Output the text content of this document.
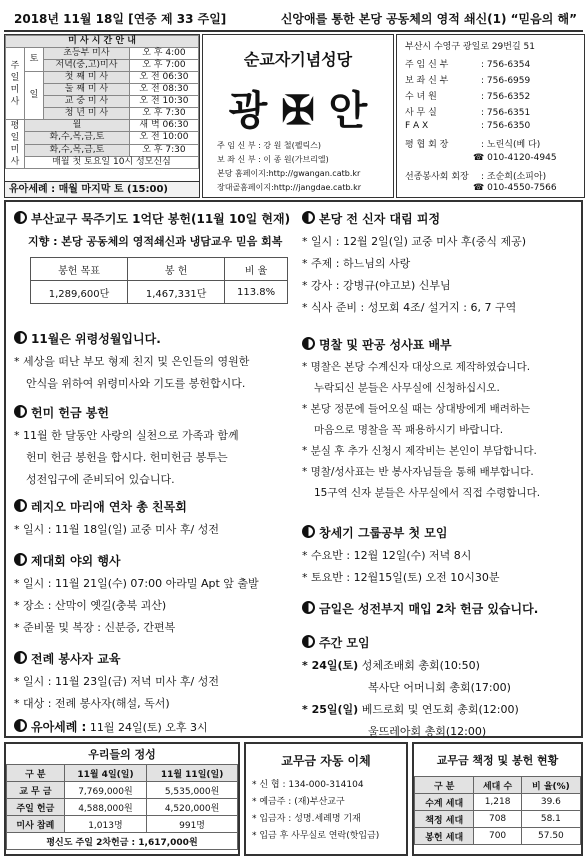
2018년 11월 18일 [연중 제 33 주일]	신앙애를 통한 본당 공동체의 영적 쇄신(1) “믿음의 해”
미 사 시 간 안 내			
주일미사	토	초등부 미사	오 후 4:00
		저녁(중,고)미사	오 후 7:00
	일	첫 째 미 사	오 전 06:30
		둘 째 미 사	오 전 08:30
		교 중 미 사	오 전 10:30
		청 년 미 사	오 후 7:30
평일미사	월		새 벽 06:30
	화,수,목,금,토		오 전 10:00
	화,수,목,금,토		오 후 7:30
	매월 첫 토요일 10시 성모신심		
유아세례 : 매월 마지막 토 (15:00)
순교자기념성당
광 ✠ 안
주 임 신 부 : 강 원 철(펠릭스)
보 좌 신 부 : 이 종 원(가브리엘)
본당 홈페이지:http://gwangan.catb.kr
장대골홈페이지:http://jangdae.catb.kr
부산시 수영구 광일로 29번길 51
주 임 신 부	: 756-6354
보 좌 신 부	: 756-6959
수 녀 원	: 756-6352
사 무 실	: 756-6351
F A X	: 756-6350
평 협 회 장	: 노린식(베 다)
☎ 010-4120-4945
선종봉사회 회장 : 조순희(소피아)
☎ 010-4550-7566
부산교구 묵주기도 1억단 봉헌(11월 10일 현재)
지향 : 본당 공동체의 영적쇄신과 냉담교우 믿음 회복
봉헌 목표	봉 헌	비 율
1,289,600단	1,467,331단	113.8%
11월은 위령성월입니다.
* 세상을 떠난 부모 형제 친지 및 은인들의 영원한
안식을 위하여 위령미사와 기도를 봉헌합시다.
헌미 헌금 봉헌
* 11월 한 달동안 사랑의 실천으로 가족과 함께
헌미 헌금 봉헌을 합시다. 헌미헌금 봉투는
성전입구에 준비되어 있습니다.
레지오 마리애 연차 총 친목회
* 일시 : 11월 18일(일) 교중 미사 후/ 성전
제대회 야외 행사
* 일시 : 11월 21일(수) 07:00 아라밀 Apt 앞 출발
* 장소 : 산막이 옛길(충북 괴산)
* 준비물 및 복장 : 신분증, 간편복
전례 봉사자 교육
* 일시 : 11월 23일(금) 저녁 미사 후/ 성전
* 대상 : 전례 봉사자(해설, 독서)
유아세례 : 11월 24일(토) 오후 3시
본당 전 신자 대림 피정
* 일시 : 12월 2일(일) 교중 미사 후(중식 제공)
* 주제 : 하느님의 사랑
* 강사 : 강병규(야고보) 신부님
* 식사 준비 : 성모회 4조/ 설거지 : 6, 7 구역
명찰 및 판공 성사표 배부
* 명찰은 본당 수계신자 대상으로 제작하였습니다.
누락되신 분들은 사무실에 신청하십시오.
* 본당 정문에 들어오실 때는 상대방에게 배려하는
마음으로 명찰을 꼭 패용하시기 바랍니다.
* 분실 후 추가 신청시 제작비는 본인이 부담합니다.
* 명찰/성사표는 반 봉사자님들을 통해 배부합니다.
15구역 신자 분들은 사무실에서 직접 수령합니다.
창세기 그룹공부 첫 모임
* 수요반 : 12월 12일(수) 저녁 8시
* 토요반 : 12월15일(토) 오전 10시30분
금일은 성전부지 매입 2차 헌금 있습니다.
주간 모임
* 24일(토) 성체조배회 총회(10:50)
복사단 어머니회 총회(17:00)
* 25일(일) 베드로회 및 연도회 총회(12:00)
울뜨레아회 총회(12:00)
우리들의 정성
구 분	11월 4일(일)	11월 11일(일)
교 무 금	7,769,000원	5,535,000원
주일 헌금	4,588,000원	4,520,000원
미사 참례	1,013명	991명
평신도 주일 2차헌금 : 1,617,000원		
교무금 자동 이체
* 신 협 : 134-000-314104
* 예금주 : (재)부산교구
* 입금자 : 성명.세례명 기재
* 입금 후 사무실로 연락(핫입금)
교무금 책정 및 봉헌 현황
구 분	세대 수	비 율(%)
수계 세대	1,218	39.6
책정 세대	708	58.1
봉헌 세대	700	57.50
